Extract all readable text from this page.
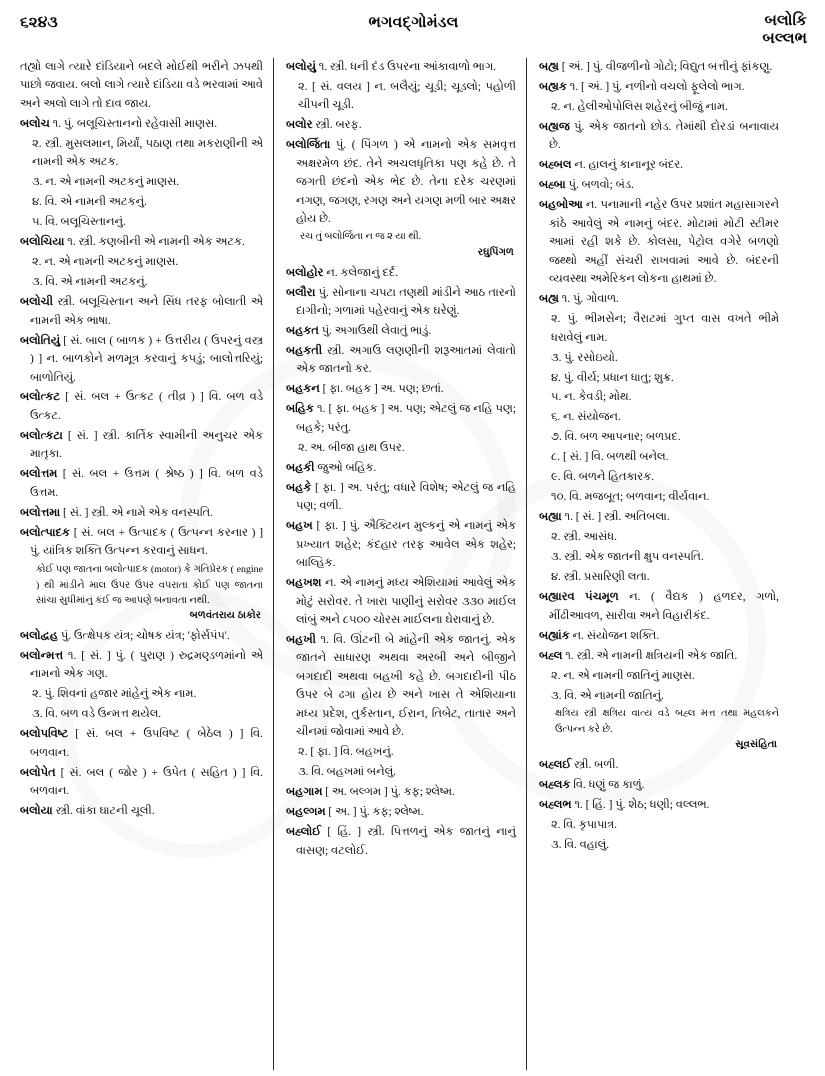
૬૨૪૩	ભગવદ્‌ગોમંડલ	બલોકિ
બલ્લભ

તહ્યો લાગે ત્યારે દાંડિયાને બદલે મોઈથી ભરીને ઝપથી પાછો જવાય. બલો લાગે ત્યારે દાંડિયા વડે ભરવામાં આવે અને અલો લાગે તો દાવ જાય.

બલોચ ૧. પું. બલૂચિસ્તાનનો રહેવાસી માણસ.

૨. સ્ત્રી. મુસલમાન, મિર્યાં, પઠાણ તથા મકરાણીની એ નામની એક અટક.

૩. ન. એ નામની અટકનું માણસ.

૪. વિ. એ નામની અટકનું.

૫. વિ. બલૂચિસ્તાનનું.

બલોચિયા ૧. સ્ત્રી. કણબીની એ નામની એક અટક.

૨. ન. એ નામની અટકનું માણસ.

૩. વિ. એ નામની અટકનું.

બલોચી સ્ત્રી. બલૂચિસ્તાન અને સિંધ તરફ બોલાતી એ નામની એક ભાષા.

બલોતિયું [ સં. બાલ ( બાળક ) + ઉત્તરીય ( ઉપરનું વસ્ત્ર ) ] ન. બાળકોને મળમૂત્ર કરવાનું કપડું; બાલોત્તરિયું; બાળોતિયું.

બલોત્કટ [ સં. બલ + ઉત્કટ ( તીવ્ર ) ] વિ. બળ વડે ઉત્કટ.

બલોત્કટા [ સં. ] સ્ત્રી. કાર્તિક સ્વામીની અનુચર એક માતૃકા.

બલોત્તમ [ સં. બલ + ઉત્તમ ( શ્રેષ્ઠ ) ] વિ. બળ વડે ઉત્તમ.

બલોત્તમા [ સં. ] સ્ત્રી. એ નામે એક વનસ્પતિ.

બલોત્પાદક [ સં. બલ + ઉત્પાદક ( ઉત્પન્ન કરનાર ) ] પું. યાંત્રિક શક્તિ ઉત્પન્ન કરવાનું સાધન.

કોઈ પણ જાતના બલોત્પાદક (motor) કે ગતિપ્રેરક ( engine ) થી માંડીને માલ ઉપર ઉપર વપરાતા કોઈ પણ જાતના સાંચા સુધીમાંનું કંઈ જ આપણે બનાવતા નથી.

બળવંતરાય ઠાકોર

બલોદ્વહ પું. ઉત્ક્ષેપક યંત્ર; ચોષક યંત્ર; 'ફોર્સપંપ'.

બલોન્મત્ત ૧. [ સં. ] પું. ( પુરાણ ) રુદ્રમણ્ડળમાંનો એ નામનો એક ગણ.

૨. પું. શિવનાં હજાર માંહેનું એક નામ.

૩. વિ. બળ વડે ઉન્મત્ત થયેલ.

બલોપવિષ્ટ [ સં. બલ + ઉપવિષ્ટ ( બેઠેલ ) ] વિ. બળવાન.

બલોપેત [ સં. બલ ( જોર ) + ઉપેત ( સહિત ) ] વિ. બળવાન.

બલોયા સ્ત્રી. વાંકા ઘાટની ચૂલી.

બલોયું ૧. સ્ત્રી. ધની દંડ ઉપરના આંકાવાળો ભાગ.

૨. [ સં. વલય ] ન. બલૈયું; ચૂડી; ચૂડલો; પહોળી ચીપની ચૂડી.

બલોર સ્ત્રી. બરફ.

બલોર્જિતા પું. ( પિંગળ ) એ નામનો એક સમવૃત્ત અક્ષરમેળ છંદ. તેને અચલધૃતિકા પણ કહે છે. તે જગતી છંદનો એક ભેદ છે. તેના દરેક ચરણમાં નગણ, જગણ, રગણ અને યગણ મળી બાર અક્ષર હોય છે.

રચ તું બલોર્જિતા ન જ ૨ યા થી.

રઘુપિંગળ

બલોહોર ન. કલેજાનું દર્દ.

બલૌરા પું. સોનાના ચપટા તણથી માંડીને આઠ તારનો દાગીનો; ગળામાં પહેરવાનું એક ઘરેણું.

બહકત પું. અગાઉથી લેવાતું ભાડું.

બહકતી સ્ત્રી. અગાઉ લણણીની શરૂઆતમાં લેવાતો એક જાતનો કર.

બહકન [ ફા. બહક ] અ. પણ; છતાં.

બહિક ૧. [ ફા. બહક ] અ. પણ; એટલું જ નહિ પણ; બહકે; પરંતુ.

૨. અ. બીજા હાથ ઉપર.

બહકી જુઓ બહિક.

બહકે [ ફા. ] અ. પરંતુ; વધારે વિશેષ; એટલું જ નહિ પણ; વળી.

બહખ [ ફા. ] પું. ઐક્ટિયન મુલ્કનું એ નામનું એક પ્રખ્યાત શહેર; કંદહાર તરફ આવેલ એક શહેર; બાલ્હિક.

બહખશ ન. એ નામનું મધ્ય એશિયામાં આવેલું એક મોટું સરોવર. તે ખારા પાણીનું સરોવર ૩૩૦ માઈલ લાંબું અને ૮૫૦૦ ચોરસ માઈલના ઘેરાવાનું છે.

બહખી ૧. વિ. ઊંટની બે માંહેની એક જાતનું. એક જાતને સાધારણ અથવા અરબી અને બીજીને બગદાદી અથવા બહખી કહે છે. બગદાદીની પીઠ ઉપર બે ઢગા હોય છે અને ખાસ તે એશિયાના મધ્ય પ્રદેશ, તુર્કસ્તાન, ઈરાન, તિબેટ, તાતાર અને ચીનમાં જોવામાં આવે છે.

૨. [ ફા. ] વિ. બહખનું.

૩. વિ. બહખમાં બનેલું.

બહગામ [ અ. બલ્ગમ ] પું. કફ; શ્લેષ્મ.

બહલ્ગમ [ અ. ] પું. કફ; શ્લેષ્મ.

બહ્લોઈ [ હિં. ] સ્ત્રી. પિત્તળનું એક જાતનું નાનું વાસણ; વટલોઈ.

બહ્ય [ અં. ] પું. વીજળીનો ગોટો; વિદ્યુત બત્તીનું ફાંકણુ.

બહ્યક ૧. [ અં. ] પું. નળીનો વચલો ફૂલેલો ભાગ.

૨. ન. હેલીઓપોલિસ શહેરનું બીજું નામ.

બહ્યજ પું. એક જાતનો છોડ. તેમાંથી દોરડાં બનાવાય છે.

બહ્બલ ન. હાલનું કાનાનૂર બંદર.

બહ્બા પું. બળવો; બંડ.

બહબોઆ ન. પનામાની નહેર ઉપર પ્રશાંત મહાસાગરને કાંઠે આવેલું એ નામનું બંદર. મોટામાં મોટી સ્ટીમર આમાં રહી શકે છે. કોલસા, પેટ્રોલ વગેરે બળણો જથ્થો અહીં સંચરી રાખવામાં આવે છે. બંદરની વ્યવસ્થા અમેરિકન લોકના હાથમાં છે.

બહ્ય ૧. પું. ગોવાળ.

૨. પું. ભીમસેન; વૈરાટમાં ગુપ્ત વાસ વખતે ભીમે ધરાવેલું નામ.

૩. પું. રસોઇયો.

૪. પું. વીર્ય; પ્રધાન ધાતુ; શુક્ર.

૫. ન. કેવડી; મોથ.

૬. ન. સંયોજન.

૭. વિ. બળ આપનાર; બળપ્રદ.

૮. [ સં. ] વિ. બળથી બનેલ.

૯. વિ. બળને હિતકારક.

૧૦. વિ. મજબૂત; બળવાન; વીર્યવાન.

બહ્યા ૧. [ સં. ] સ્ત્રી. અતિબલા.

૨. સ્ત્રી. આસંધ.

૩. સ્ત્રી. એક જાતની ક્ષુપ વનસ્પતિ.

૪. સ્ત્રી. પ્રસારિણી લતા.

બહ્યારવ પંચમૂળ ન. ( વૈદ્યક ) હળદર, ગળો, મીંઢીઆવળ, સારીવા અને વિહારીકંદ.

બહ્યાંક ન. સંયોજન શક્તિ.

બહ્લ ૧. સ્ત્રી. એ નામની ક્ષત્રિયની એક જાતિ.

૨. ન. એ નામની જાતિનું માણસ.

૩. વિ. એ નામની જાતિનું.

ક્ષત્રિય સ્ત્રી ક્ષત્રિય વાત્ય વડે બહ્લ મત્ત તથા મહલકને ઉત્પન્ન કરે છે.

સૂવસંહિતા

બહ્લઈ સ્ત્રી. બળી.

બહ્લક વિ. ધણું જ કાળું.

બહ્લભ ૧. [ હિં. ] પું. શેઠ; ધણી; વલ્લભ.

૨. વિ. કૃપાપાત્ર.

૩. વિ. વહાલું.
